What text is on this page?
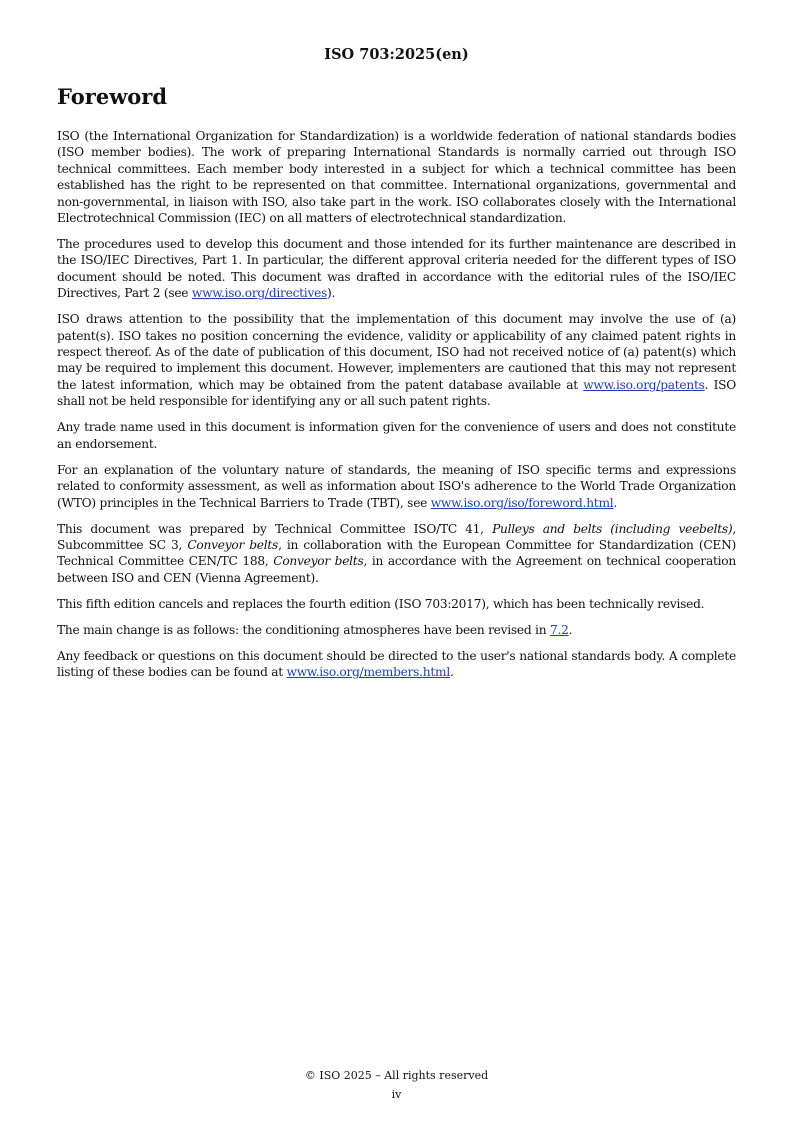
ISO 703:2025(en)
Foreword

ISO (the International Organization for Standardization) is a worldwide federation of national standards bodies (ISO member bodies). The work of preparing International Standards is normally carried out through ISO technical committees. Each member body interested in a subject for which a technical committee has been established has the right to be represented on that committee. International organizations, governmental and non-governmental, in liaison with ISO, also take part in the work. ISO collaborates closely with the International Electrotechnical Commission (IEC) on all matters of electrotechnical standardization.

The procedures used to develop this document and those intended for its further maintenance are described in the ISO/IEC Directives, Part 1. In particular, the different approval criteria needed for the different types of ISO document should be noted. This document was drafted in accordance with the editorial rules of the ISO/IEC Directives, Part 2 (see www.iso.org/directives).

ISO draws attention to the possibility that the implementation of this document may involve the use of (a) patent(s). ISO takes no position concerning the evidence, validity or applicability of any claimed patent rights in respect thereof. As of the date of publication of this document, ISO had not received notice of (a) patent(s) which may be required to implement this document. However, implementers are cautioned that this may not represent the latest information, which may be obtained from the patent database available at www.iso.org/patents. ISO shall not be held responsible for identifying any or all such patent rights.

Any trade name used in this document is information given for the convenience of users and does not constitute an endorsement.

For an explanation of the voluntary nature of standards, the meaning of ISO specific terms and expressions related to conformity assessment, as well as information about ISO's adherence to the World Trade Organization (WTO) principles in the Technical Barriers to Trade (TBT), see www.iso.org/iso/foreword.html.

This document was prepared by Technical Committee ISO/TC 41, Pulleys and belts (including veebelts), Subcommittee SC 3, Conveyor belts, in collaboration with the European Committee for Standardization (CEN) Technical Committee CEN/TC 188, Conveyor belts, in accordance with the Agreement on technical cooperation between ISO and CEN (Vienna Agreement).

This fifth edition cancels and replaces the fourth edition (ISO 703:2017), which has been technically revised.

The main change is as follows: the conditioning atmospheres have been revised in 7.2.

Any feedback or questions on this document should be directed to the user's national standards body. A complete listing of these bodies can be found at www.iso.org/members.html.

© ISO 2025 – All rights reserved
iv
